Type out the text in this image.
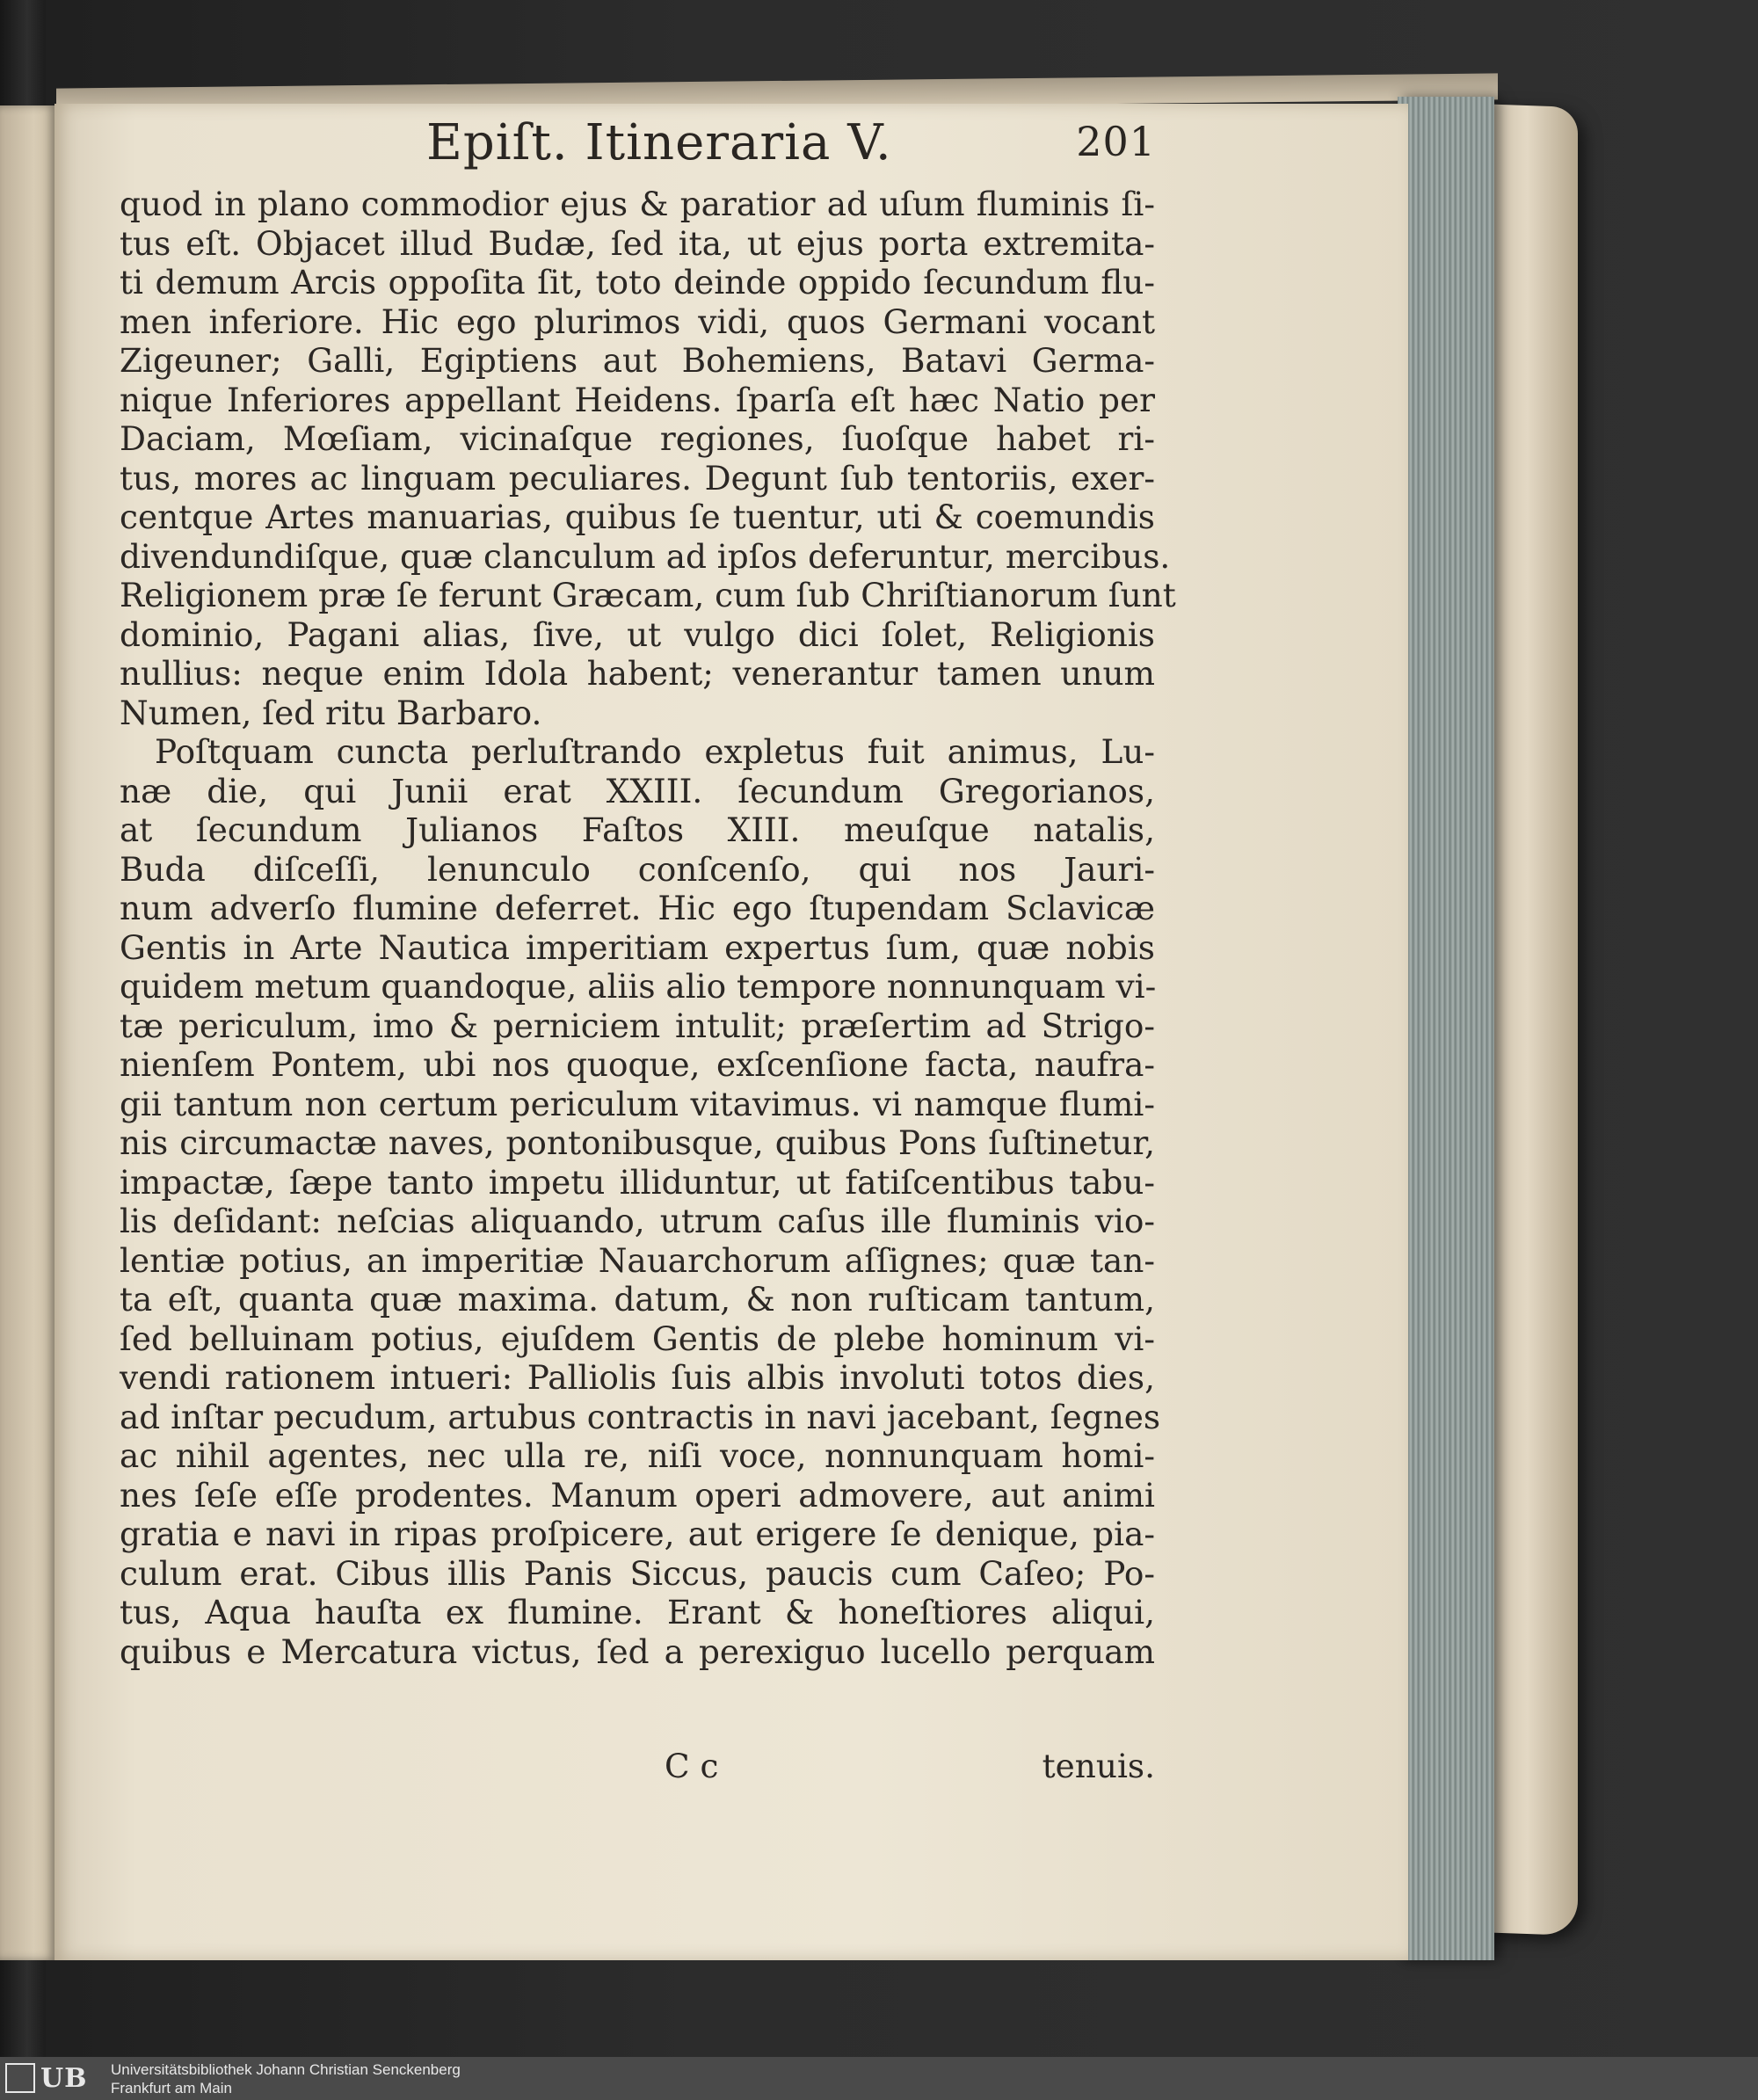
Epiſt. Itineraria V.	201
quod in plano commodior ejus & paratior ad uſum fluminis ſi-
tus eſt. Objacet illud Budæ, ſed ita, ut ejus porta extremita-
ti demum Arcis oppoſita ſit, toto deinde oppido ſecundum flu-
men inferiore. Hic ego plurimos vidi, quos Germani vocant
Zigeuner; Galli, Egiptiens aut Bohemiens, Batavi Germa-
nique Inferiores appellant Heidens. ſparſa eſt hæc Natio per
Daciam, Mœſiam, vicinaſque regiones, ſuoſque habet ri-
tus, mores ac linguam peculiares. Degunt ſub tentoriis, exer-
centque Artes manuarias, quibus ſe tuentur, uti & coemundis
divendundiſque, quæ clanculum ad ipſos deferuntur, mercibus.
Religionem præ ſe ferunt Græcam, cum ſub Chriſtianorum ſunt
dominio, Pagani alias, ſive, ut vulgo dici ſolet, Religionis
nullius: neque enim Idola habent; venerantur tamen unum
Numen, ſed ritu Barbaro.
Poſtquam cuncta perluſtrando expletus fuit animus, Lu-
næ die, qui Junii erat XXIII. ſecundum Gregorianos,
at ſecundum Julianos Faſtos XIII. meuſque natalis,
Buda diſceſſi, lenunculo conſcenſo, qui nos Jauri-
num adverſo flumine deferret. Hic ego ſtupendam Sclavicæ
Gentis in Arte Nautica imperitiam expertus ſum, quæ nobis
quidem metum quandoque, aliis alio tempore nonnunquam vi-
tæ periculum, imo & perniciem intulit; præſertim ad Strigo-
nienſem Pontem, ubi nos quoque, exſcenſione facta, naufra-
gii tantum non certum periculum vitavimus. vi namque flumi-
nis circumactæ naves, pontonibusque, quibus Pons ſuſtinetur,
impactæ, ſæpe tanto impetu illiduntur, ut fatiſcentibus tabu-
lis deſidant: neſcias aliquando, utrum caſus ille fluminis vio-
lentiæ potius, an imperitiæ Nauarchorum aſſignes; quæ tan-
ta eſt, quanta quæ maxima. datum, & non ruſticam tantum,
ſed belluinam potius, ejuſdem Gentis de plebe hominum vi-
vendi rationem intueri: Palliolis ſuis albis involuti totos dies,
ad inſtar pecudum, artubus contractis in navi jacebant, ſegnes
ac nihil agentes, nec ulla re, niſi voce, nonnunquam homi-
nes ſeſe eſſe prodentes. Manum operi admovere, aut animi
gratia e navi in ripas proſpicere, aut erigere ſe denique, pia-
culum erat. Cibus illis Panis Siccus, paucis cum Caſeo; Po-
tus, Aqua hauſta ex flumine. Erant & honeſtiores aliqui,
quibus e Mercatura victus, ſed a perexiguo lucello perquam
C c	tenuis.
UB Universitätsbibliothek Johann Christian Senckenberg
Frankfurt am Main
